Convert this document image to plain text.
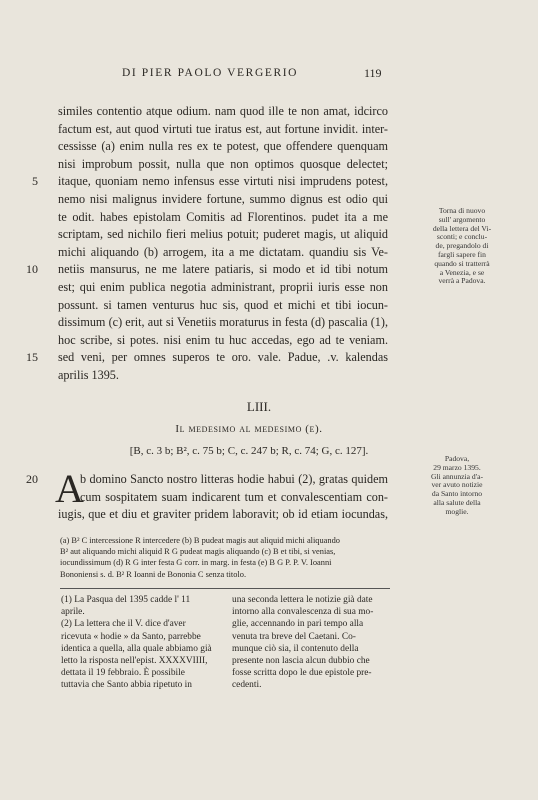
DI PIER PAOLO VERGERIO	119
similes contentio atque odium. nam quod ille te non amat, idcirco
factum est, aut quod virtuti tue iratus est, aut fortune invidit. inter-
cessisse (a) enim nulla res ex te potest, que offendere quenquam
nisi improbum possit, nulla que non optimos quosque delectet;
itaque, quoniam nemo infensus esse virtuti nisi imprudens potest,
nemo nisi malignus invidere fortune, summo dignus est odio qui
te odit. habes epistolam Comitis ad Florentinos. pudet ita a me
scriptam, sed nichilo fieri melius potuit; puderet magis, ut aliquid
michi aliquando (b) arrogem, ita a me dictatam. quandiu sis Ve-
netiis mansurus, ne me latere patiaris, si modo et id tibi notum
est; qui enim publica negotia administrant, proprii iuris esse non
possunt. si tamen venturus huc sis, quod et michi et tibi iocun-
dissimum (c) erit, aut si Venetiis moraturus in festa (d) pascalia (1),
hoc scribe, si potes. nisi enim tu huc accedas, ego ad te veniam.
sed veni, per omnes superos te oro. vale. Padue, .v. kalendas
aprilis 1395.
5
10
15
20
Torna di nuovo
sull' argomento
della lettera del Vi-
sconti; e conclu-
de, pregandolo di
fargli sapere fin
quando si tratterrà
a Venezia, e se
verrà a Padova.
LIII.
Il medesimo al medesimo (e).
[B, c. 3 b; B², c. 75 b; C, c. 247 b; R, c. 74; G, c. 127].
Padova,
29 marzo 1395.
Gli annunzia d'a-
ver avuto notizie
da Santo intorno
alla salute della
moglie.
A
b domino Sancto nostro litteras hodie habui (2), gratas quidem
cum sospitatem suam indicarent tum et convalescentiam con-
iugis, que et diu et graviter pridem laboravit; ob id etiam iocundas,
(a) B² C intercessione R intercedere (b) B pudeat magis aut aliquid michi aliquando
B² aut aliquando michi aliquid R G pudeat magis aliquando (c) B et tibi, si venias,
iocundissimum (d) R G inter festa G corr. in marg. in festa (e) B G P. P. V. Ioanni
Bononiensi s. d. B² R Ioanni de Bononia C senza titolo.
(1) La Pasqua del 1395 cadde l' 11
aprile.
(2) La lettera che il V. dice d'aver
ricevuta « hodie » da Santo, parrebbe
identica a quella, alla quale abbiamo già
letto la risposta nell'epist. XXXXVIIII,
dettata il 19 febbraio. È possibile
tuttavia che Santo abbia ripetuto in
una seconda lettera le notizie già date
intorno alla convalescenza di sua mo-
glie, accennando in pari tempo alla
venuta tra breve del Caetani. Co-
munque ciò sia, il contenuto della
presente non lascia alcun dubbio che
fosse scritta dopo le due epistole pre-
cedenti.
